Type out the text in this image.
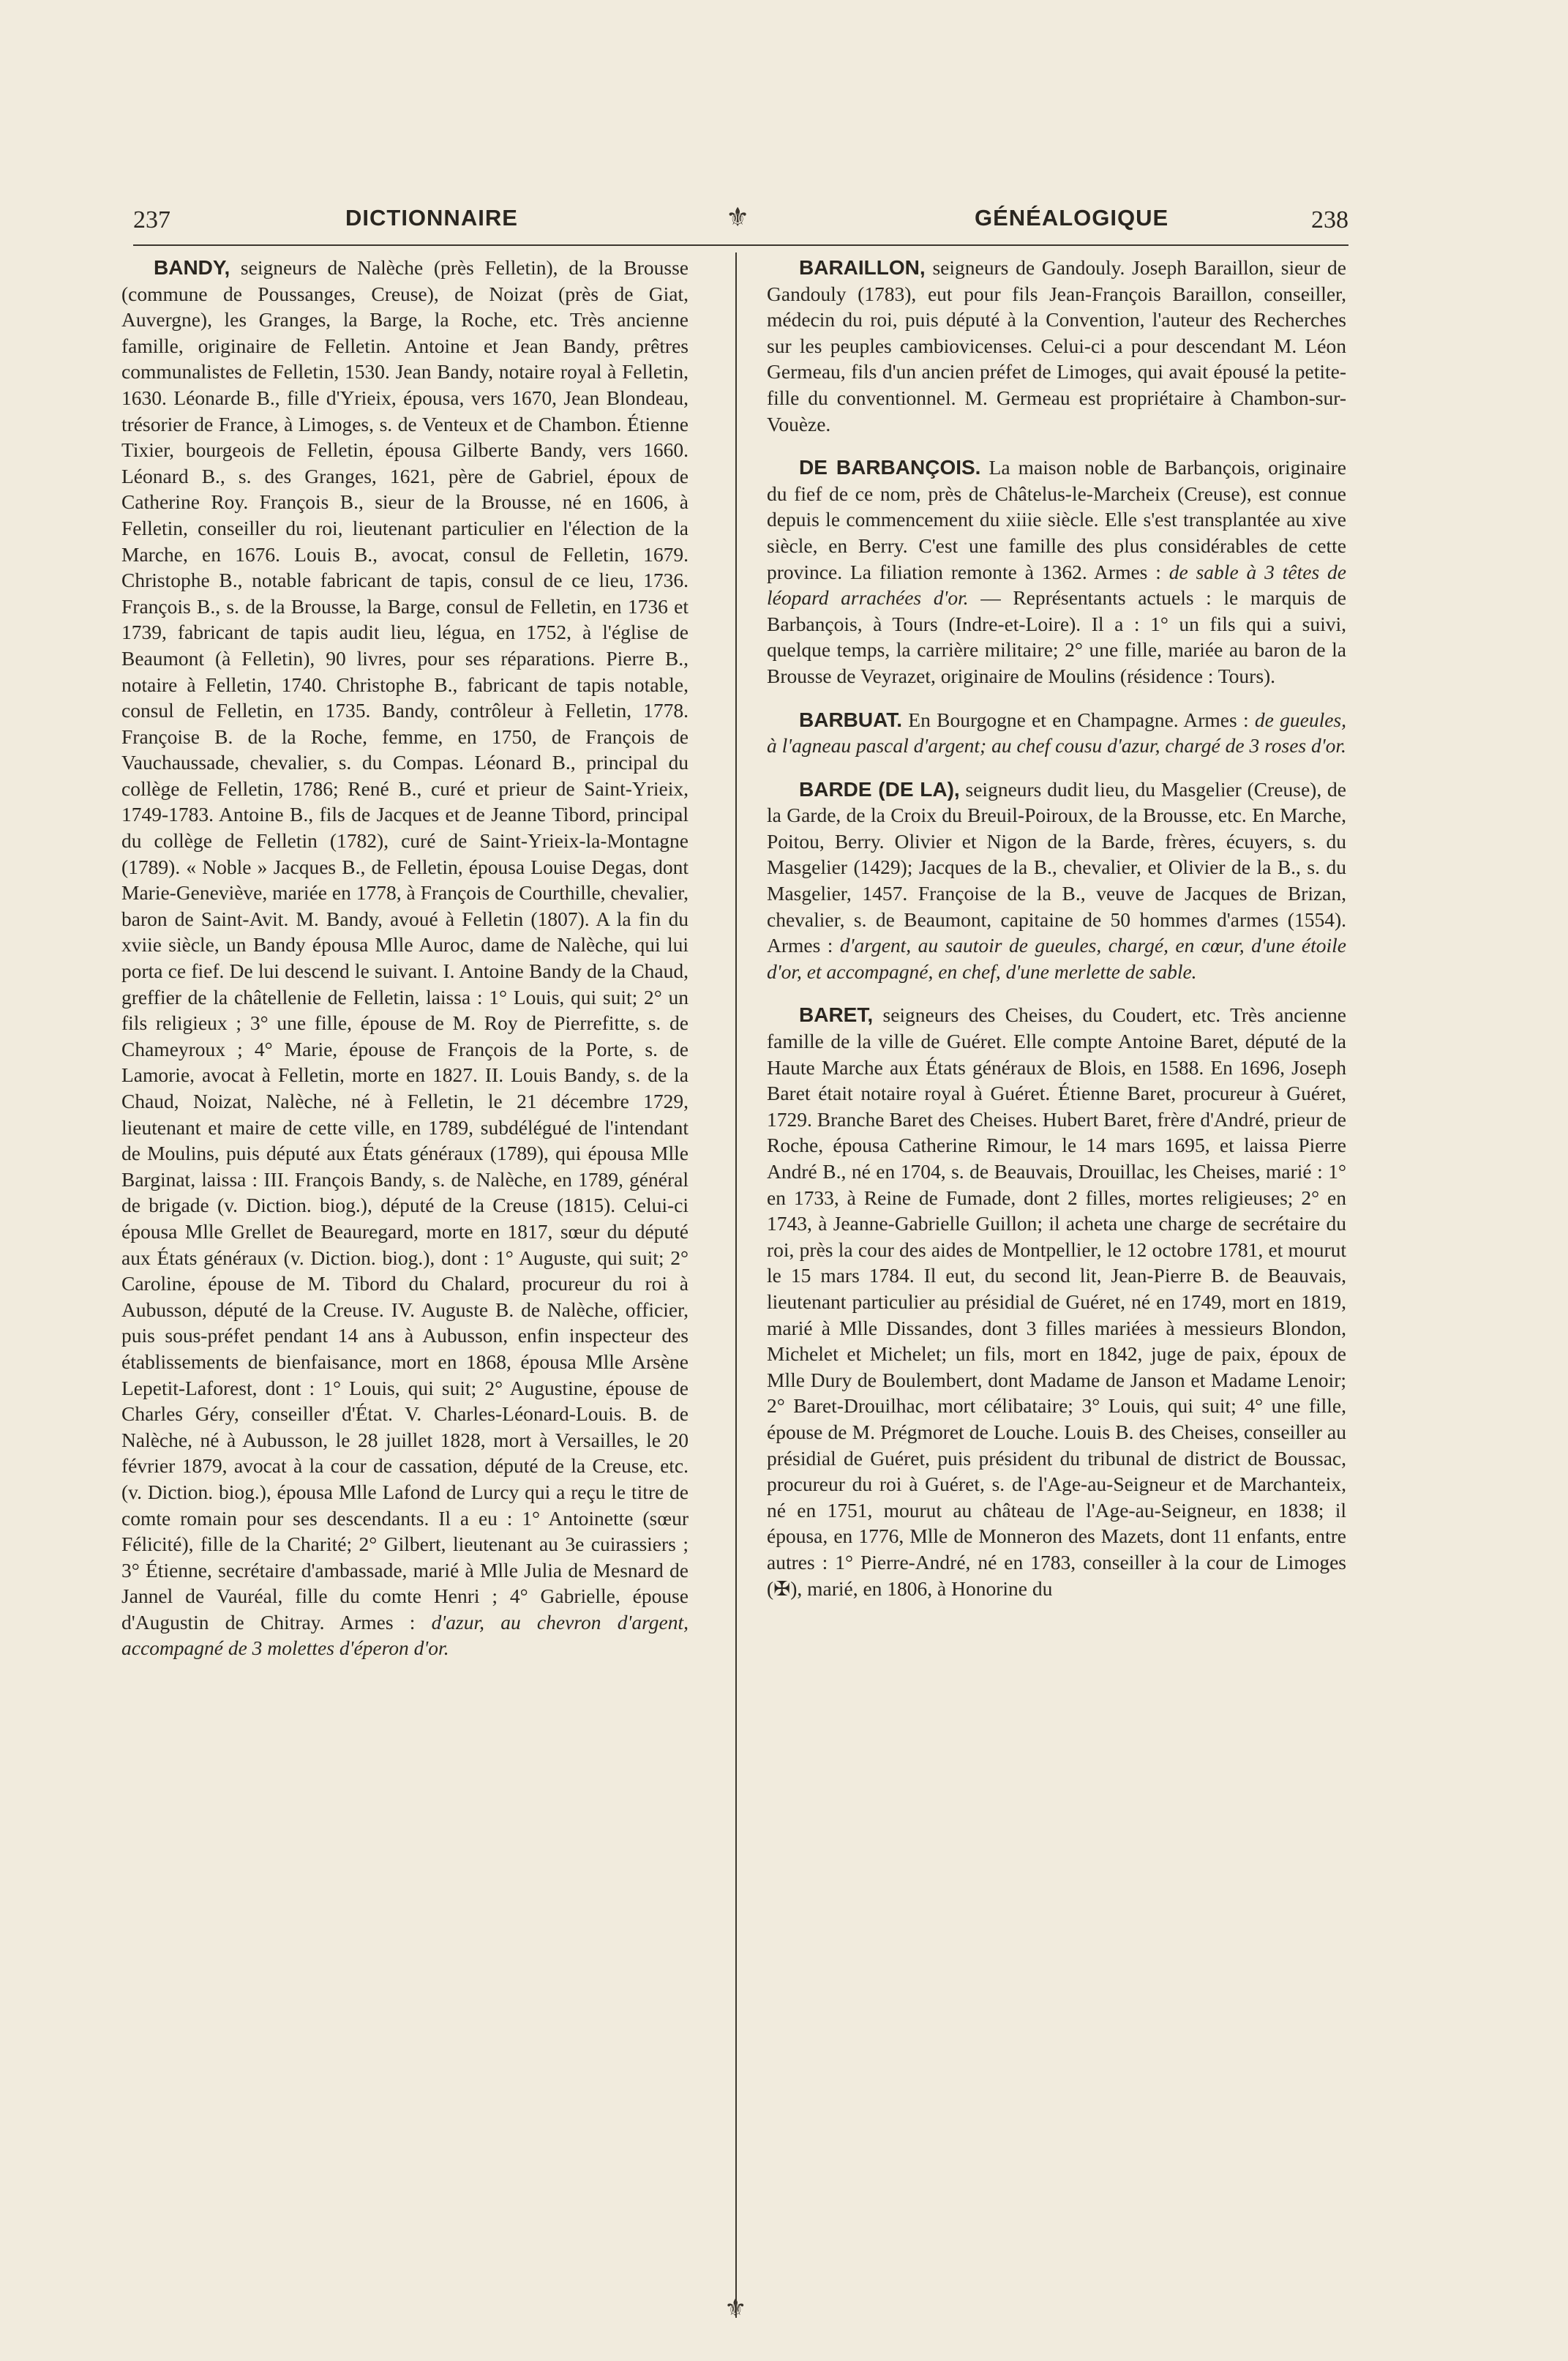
237	DICTIONNAIRE	⚜	GÉNÉALOGIQUE	238

BANDY, seigneurs de Nalèche (près Felletin), de la Brousse (commune de Poussanges, Creuse), de Noizat (près de Giat, Auvergne), les Granges, la Barge, la Roche, etc. Très ancienne famille, originaire de Felletin. Antoine et Jean Bandy, prêtres communalistes de Felletin, 1530. Jean Bandy, notaire royal à Felletin, 1630. Léonarde B., fille d'Yrieix, épousa, vers 1670, Jean Blondeau, trésorier de France, à Limoges, s. de Venteux et de Chambon. Étienne Tixier, bourgeois de Felletin, épousa Gilberte Bandy, vers 1660. Léonard B., s. des Granges, 1621, père de Gabriel, époux de Catherine Roy. François B., sieur de la Brousse, né en 1606, à Felletin, conseiller du roi, lieutenant particulier en l'élection de la Marche, en 1676. Louis B., avocat, consul de Felletin, 1679. Christophe B., notable fabricant de tapis, consul de ce lieu, 1736. François B., s. de la Brousse, la Barge, consul de Felletin, en 1736 et 1739, fabricant de tapis audit lieu, légua, en 1752, à l'église de Beaumont (à Felletin), 90 livres, pour ses réparations. Pierre B., notaire à Felletin, 1740. Christophe B., fabricant de tapis notable, consul de Felletin, en 1735. Bandy, contrôleur à Felletin, 1778. Françoise B. de la Roche, femme, en 1750, de François de Vauchaussade, chevalier, s. du Compas. Léonard B., principal du collège de Felletin, 1786; René B., curé et prieur de Saint-Yrieix, 1749-1783. Antoine B., fils de Jacques et de Jeanne Tibord, principal du collège de Felletin (1782), curé de Saint-Yrieix-la-Montagne (1789). « Noble » Jacques B., de Felletin, épousa Louise Degas, dont Marie-Geneviève, mariée en 1778, à François de Courthille, chevalier, baron de Saint-Avit. M. Bandy, avoué à Felletin (1807). A la fin du xviie siècle, un Bandy épousa Mlle Auroc, dame de Nalèche, qui lui porta ce fief. De lui descend le suivant. I. Antoine Bandy de la Chaud, greffier de la châtellenie de Felletin, laissa : 1° Louis, qui suit; 2° un fils religieux ; 3° une fille, épouse de M. Roy de Pierrefitte, s. de Chameyroux ; 4° Marie, épouse de François de la Porte, s. de Lamorie, avocat à Felletin, morte en 1827. II. Louis Bandy, s. de la Chaud, Noizat, Nalèche, né à Felletin, le 21 décembre 1729, lieutenant et maire de cette ville, en 1789, subdélégué de l'intendant de Moulins, puis député aux États généraux (1789), qui épousa Mlle Barginat, laissa : III. François Bandy, s. de Nalèche, en 1789, général de brigade (v. Diction. biog.), député de la Creuse (1815). Celui-ci épousa Mlle Grellet de Beauregard, morte en 1817, sœur du député aux États généraux (v. Diction. biog.), dont : 1° Auguste, qui suit; 2° Caroline, épouse de M. Tibord du Chalard, procureur du roi à Aubusson, député de la Creuse. IV. Auguste B. de Nalèche, officier, puis sous-préfet pendant 14 ans à Aubusson, enfin inspecteur des établissements de bienfaisance, mort en 1868, épousa Mlle Arsène Lepetit-Laforest, dont : 1° Louis, qui suit; 2° Augustine, épouse de Charles Géry, conseiller d'État. V. Charles-Léonard-Louis. B. de Nalèche, né à Aubusson, le 28 juillet 1828, mort à Versailles, le 20 février 1879, avocat à la cour de cassation, député de la Creuse, etc. (v. Diction. biog.), épousa Mlle Lafond de Lurcy qui a reçu le titre de comte romain pour ses descendants. Il a eu : 1° Antoinette (sœur Félicité), fille de la Charité; 2° Gilbert, lieutenant au 3e cuirassiers ; 3° Étienne, secrétaire d'ambassade, marié à Mlle Julia de Mesnard de Jannel de Vauréal, fille du comte Henri ; 4° Gabrielle, épouse d'Augustin de Chitray. Armes : d'azur, au chevron d'argent, accompagné de 3 molettes d'éperon d'or.

BARAILLON, seigneurs de Gandouly. Joseph Baraillon, sieur de Gandouly (1783), eut pour fils Jean-François Baraillon, conseiller, médecin du roi, puis député à la Convention, l'auteur des Recherches sur les peuples cambiovicenses. Celui-ci a pour descendant M. Léon Germeau, fils d'un ancien préfet de Limoges, qui avait épousé la petite-fille du conventionnel. M. Germeau est propriétaire à Chambon-sur-Vouèze.

DE BARBANÇOIS. La maison noble de Barbançois, originaire du fief de ce nom, près de Châtelus-le-Marcheix (Creuse), est connue depuis le commencement du xiiie siècle. Elle s'est transplantée au xive siècle, en Berry. C'est une famille des plus considérables de cette province. La filiation remonte à 1362. Armes : de sable à 3 têtes de léopard arrachées d'or. — Représentants actuels : le marquis de Barbançois, à Tours (Indre-et-Loire). Il a : 1° un fils qui a suivi, quelque temps, la carrière militaire; 2° une fille, mariée au baron de la Brousse de Veyrazet, originaire de Moulins (résidence : Tours).

BARBUAT. En Bourgogne et en Champagne. Armes : de gueules, à l'agneau pascal d'argent; au chef cousu d'azur, chargé de 3 roses d'or.

BARDE (DE LA), seigneurs dudit lieu, du Masgelier (Creuse), de la Garde, de la Croix du Breuil-Poiroux, de la Brousse, etc. En Marche, Poitou, Berry. Olivier et Nigon de la Barde, frères, écuyers, s. du Masgelier (1429); Jacques de la B., chevalier, et Olivier de la B., s. du Masgelier, 1457. Françoise de la B., veuve de Jacques de Brizan, chevalier, s. de Beaumont, capitaine de 50 hommes d'armes (1554). Armes : d'argent, au sautoir de gueules, chargé, en cœur, d'une étoile d'or, et accompagné, en chef, d'une merlette de sable.

BARET, seigneurs des Cheises, du Coudert, etc. Très ancienne famille de la ville de Guéret. Elle compte Antoine Baret, député de la Haute Marche aux États généraux de Blois, en 1588. En 1696, Joseph Baret était notaire royal à Guéret. Étienne Baret, procureur à Guéret, 1729. Branche Baret des Cheises. Hubert Baret, frère d'André, prieur de Roche, épousa Catherine Rimour, le 14 mars 1695, et laissa Pierre André B., né en 1704, s. de Beauvais, Drouillac, les Cheises, marié : 1° en 1733, à Reine de Fumade, dont 2 filles, mortes religieuses; 2° en 1743, à Jeanne-Gabrielle Guillon; il acheta une charge de secrétaire du roi, près la cour des aides de Montpellier, le 12 octobre 1781, et mourut le 15 mars 1784. Il eut, du second lit, Jean-Pierre B. de Beauvais, lieutenant particulier au présidial de Guéret, né en 1749, mort en 1819, marié à Mlle Dissandes, dont 3 filles mariées à messieurs Blondon, Michelet et Michelet; un fils, mort en 1842, juge de paix, époux de Mlle Dury de Boulembert, dont Madame de Janson et Madame Lenoir; 2° Baret-Drouilhac, mort célibataire; 3° Louis, qui suit; 4° une fille, épouse de M. Prégmoret de Louche. Louis B. des Cheises, conseiller au présidial de Guéret, puis président du tribunal de district de Boussac, procureur du roi à Guéret, s. de l'Age-au-Seigneur et de Marchanteix, né en 1751, mourut au château de l'Age-au-Seigneur, en 1838; il épousa, en 1776, Mlle de Monneron des Mazets, dont 11 enfants, entre autres : 1° Pierre-André, né en 1783, conseiller à la cour de Limoges (✠), marié, en 1806, à Honorine du

⚜
